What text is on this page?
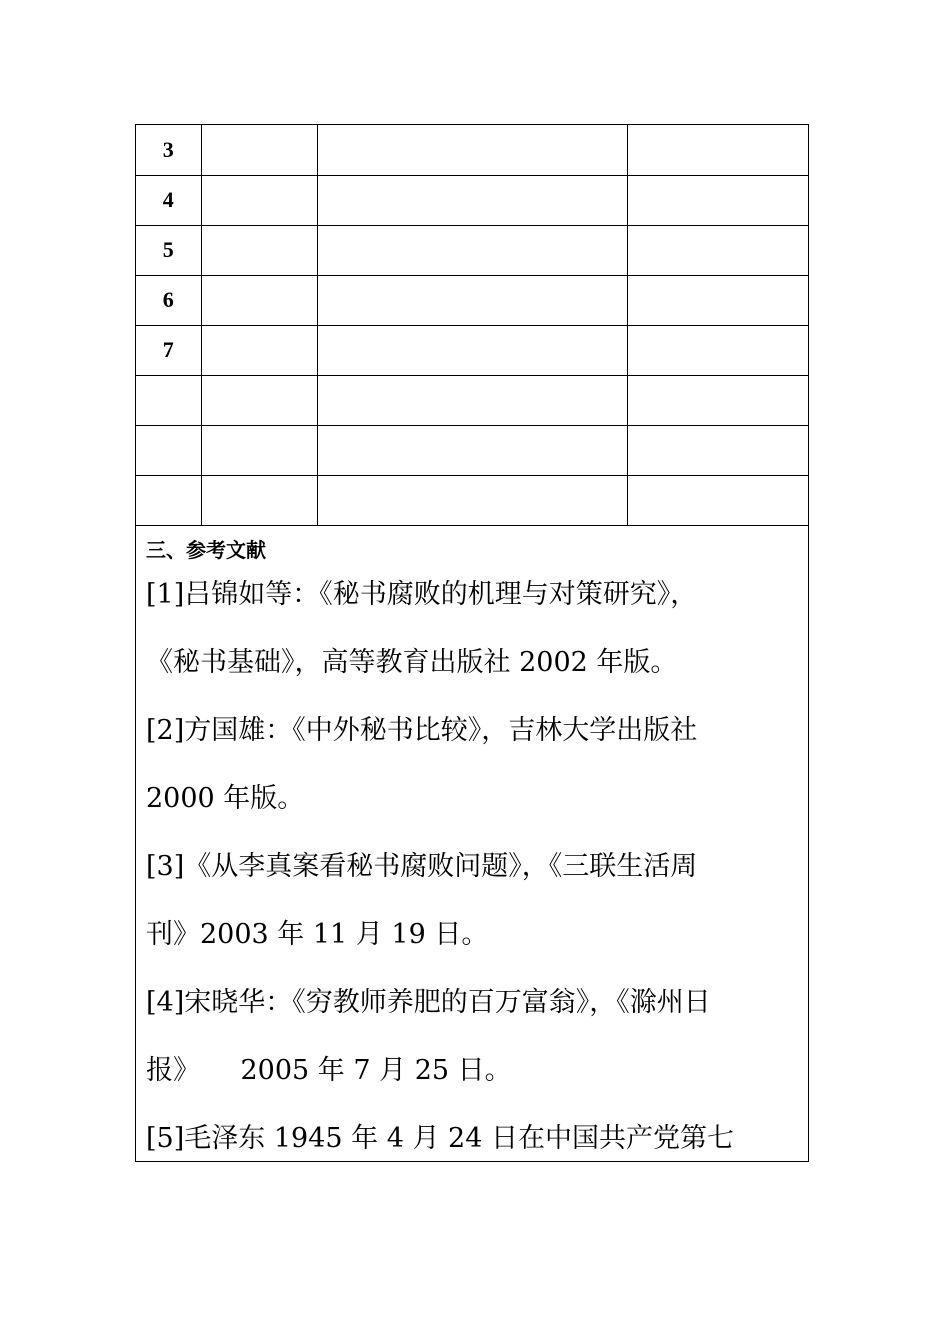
3			
4			
5			
6			
7			

三、参考文献

[1]吕锦如等：《秘书腐败的机理与对策研究》，

《秘书基础》，高等教育出版社 2002 年版。

[2]方国雄：《中外秘书比较》，吉林大学出版社

2000 年版。

[3]《从李真案看秘书腐败问题》，《三联生活周

刊》2003 年 11 月 19 日。

[4]宋晓华：《穷教师养肥的百万富翁》，《滁州日

报》　　2005 年 7 月 25 日。

[5]毛泽东 1945 年 4 月 24 日在中国共产党第七
